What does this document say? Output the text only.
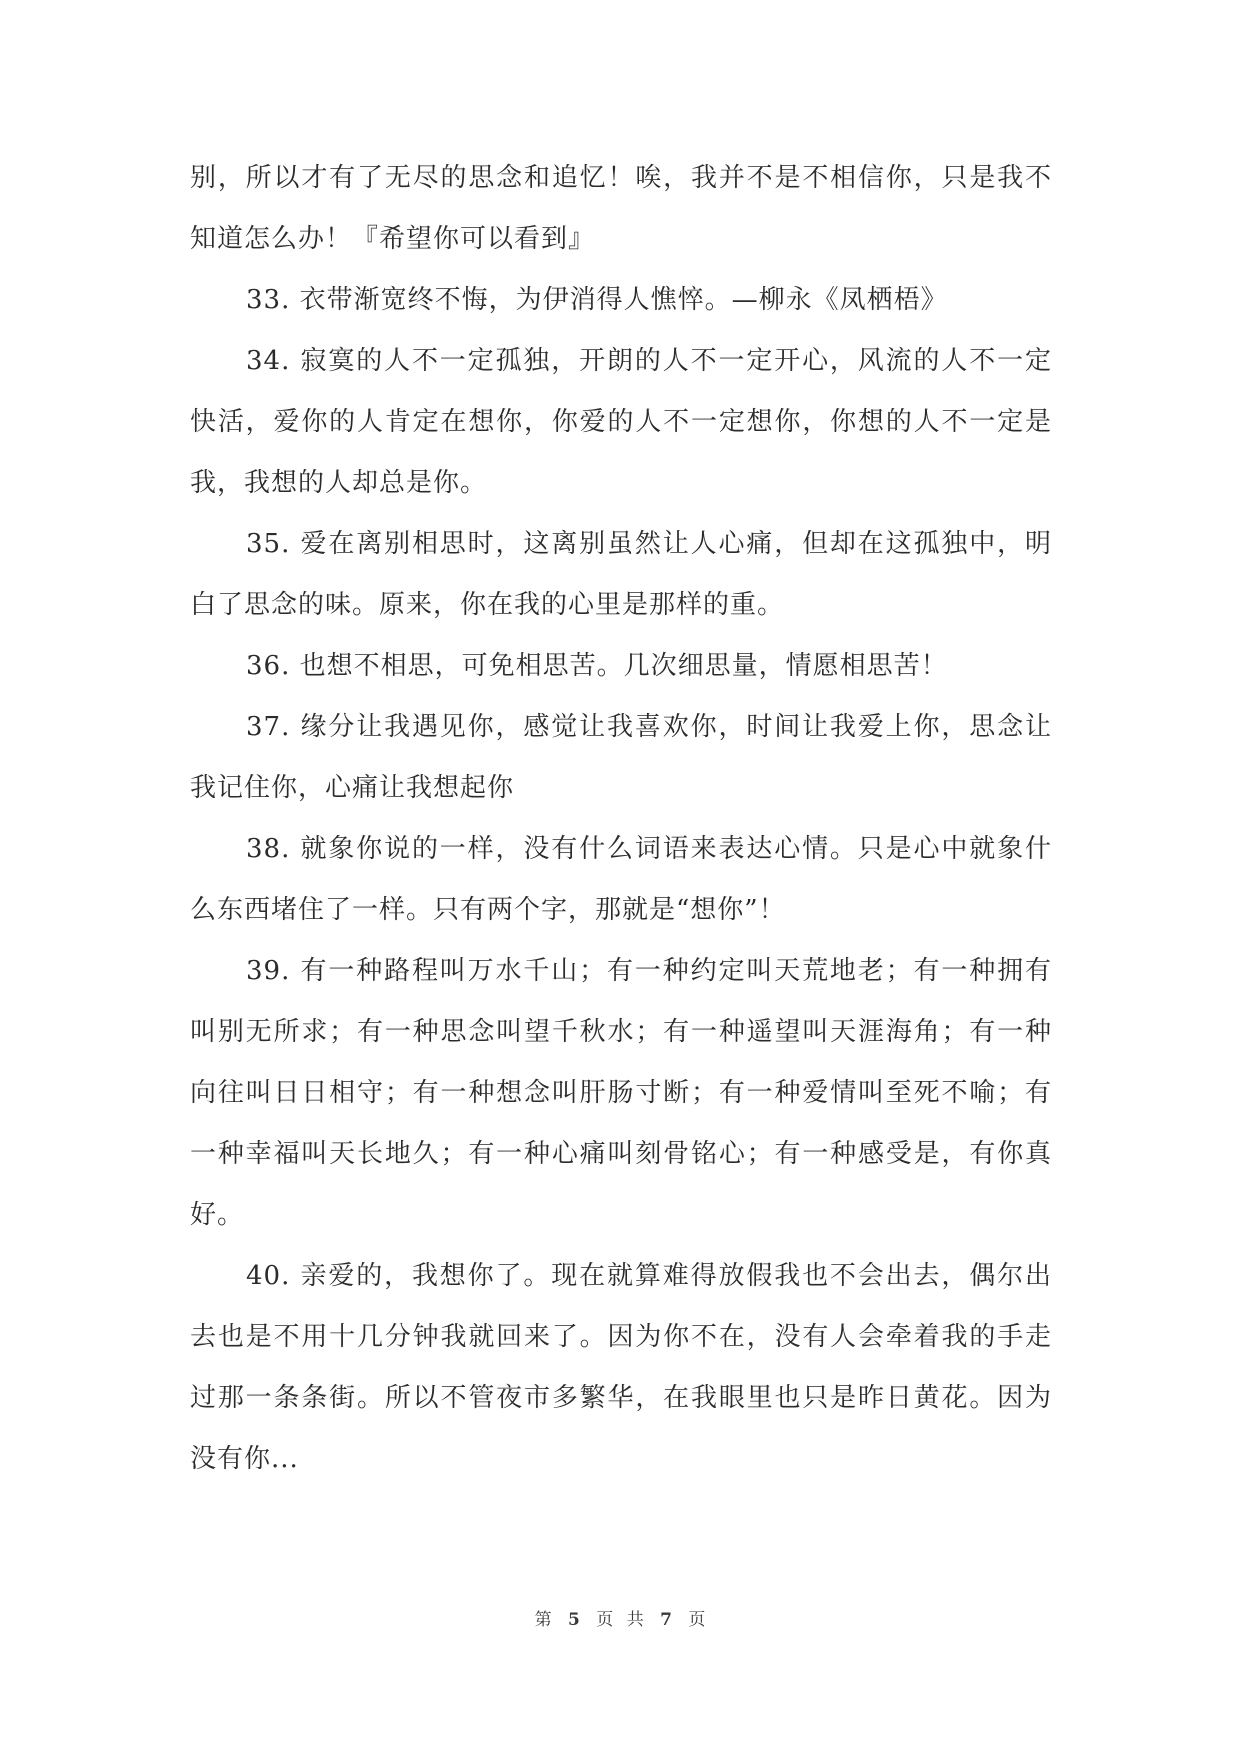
别，所以才有了无尽的思念和追忆！唉，我并不是不相信你，只是我不知道怎么办！『希望你可以看到』

33. 衣带渐宽终不悔，为伊消得人憔悴。—柳永《凤栖梧》

34. 寂寞的人不一定孤独，开朗的人不一定开心，风流的人不一定快活，爱你的人肯定在想你，你爱的人不一定想你，你想的人不一定是我，我想的人却总是你。

35. 爱在离别相思时，这离别虽然让人心痛，但却在这孤独中，明白了思念的味。原来，你在我的心里是那样的重。

36. 也想不相思，可免相思苦。几次细思量，情愿相思苦！

37. 缘分让我遇见你，感觉让我喜欢你，时间让我爱上你，思念让我记住你，心痛让我想起你

38. 就象你说的一样，没有什么词语来表达心情。只是心中就象什么东西堵住了一样。只有两个字，那就是“想你”！

39. 有一种路程叫万水千山；有一种约定叫天荒地老；有一种拥有叫别无所求；有一种思念叫望千秋水；有一种遥望叫天涯海角；有一种向往叫日日相守；有一种想念叫肝肠寸断；有一种爱情叫至死不喻；有一种幸福叫天长地久；有一种心痛叫刻骨铭心；有一种感受是，有你真好。

40. 亲爱的，我想你了。现在就算难得放假我也不会出去，偶尔出去也是不用十几分钟我就回来了。因为你不在，没有人会牵着我的手走过那一条条街。所以不管夜市多繁华，在我眼里也只是昨日黄花。因为没有你...

第 5 页 共 7 页
